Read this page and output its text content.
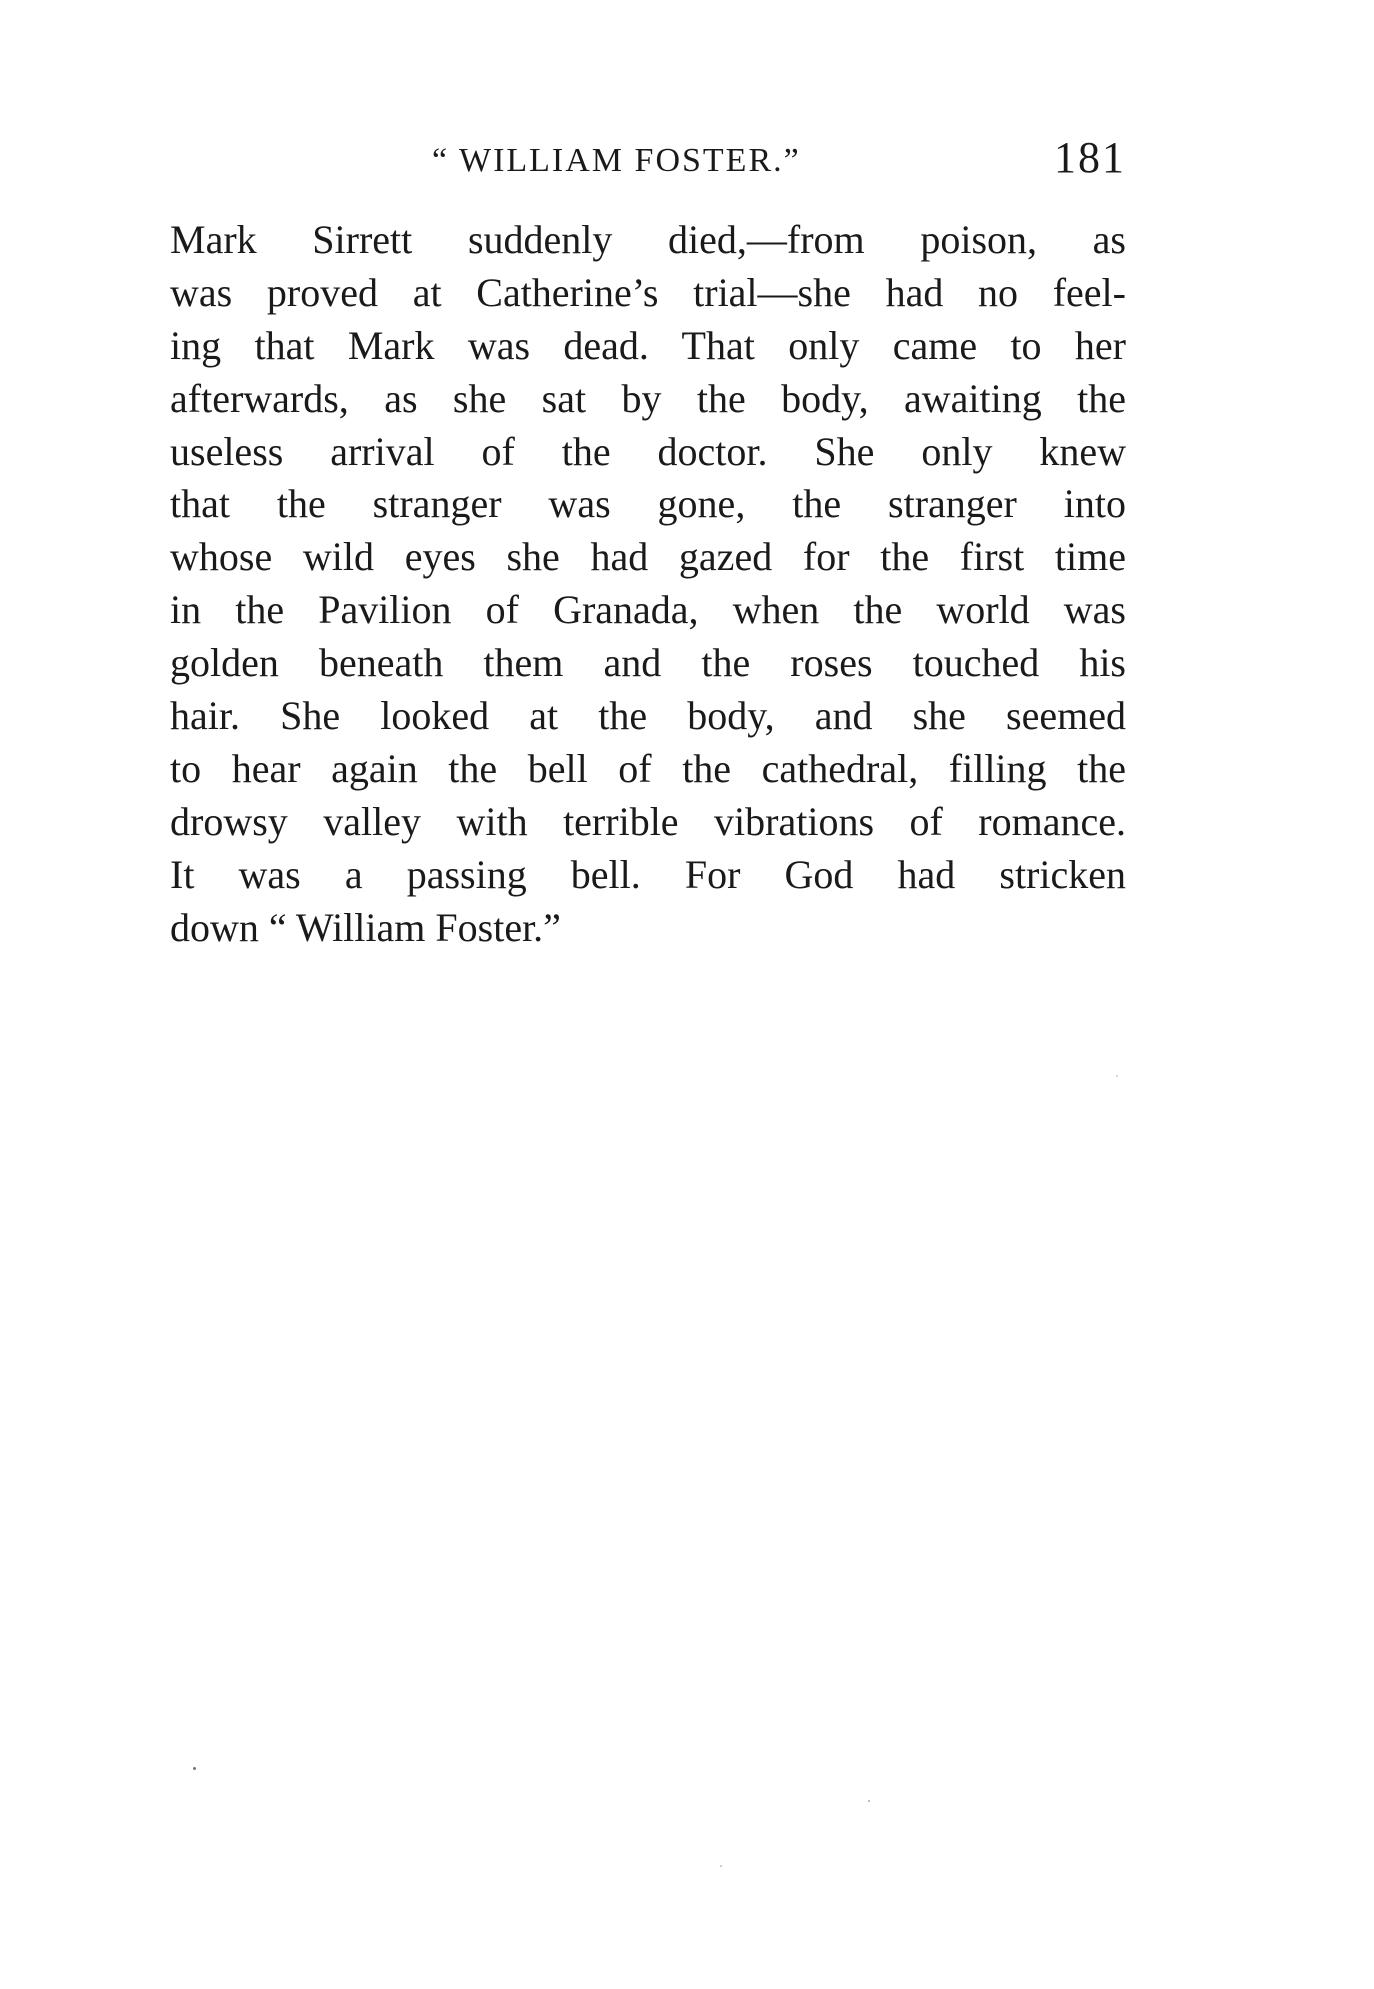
“ WILLIAM FOSTER.”	181
Mark Sirrett suddenly died,—from poison, as
was proved at Catherine’s trial—she had no feel-
ing that Mark was dead. That only came to her
afterwards, as she sat by the body, awaiting the
useless arrival of the doctor. She only knew
that the stranger was gone, the stranger into
whose wild eyes she had gazed for the first time
in the Pavilion of Granada, when the world was
golden beneath them and the roses touched his
hair. She looked at the body, and she seemed
to hear again the bell of the cathedral, filling the
drowsy valley with terrible vibrations of romance.
It was a passing bell. For God had stricken
down “ William Foster.”
